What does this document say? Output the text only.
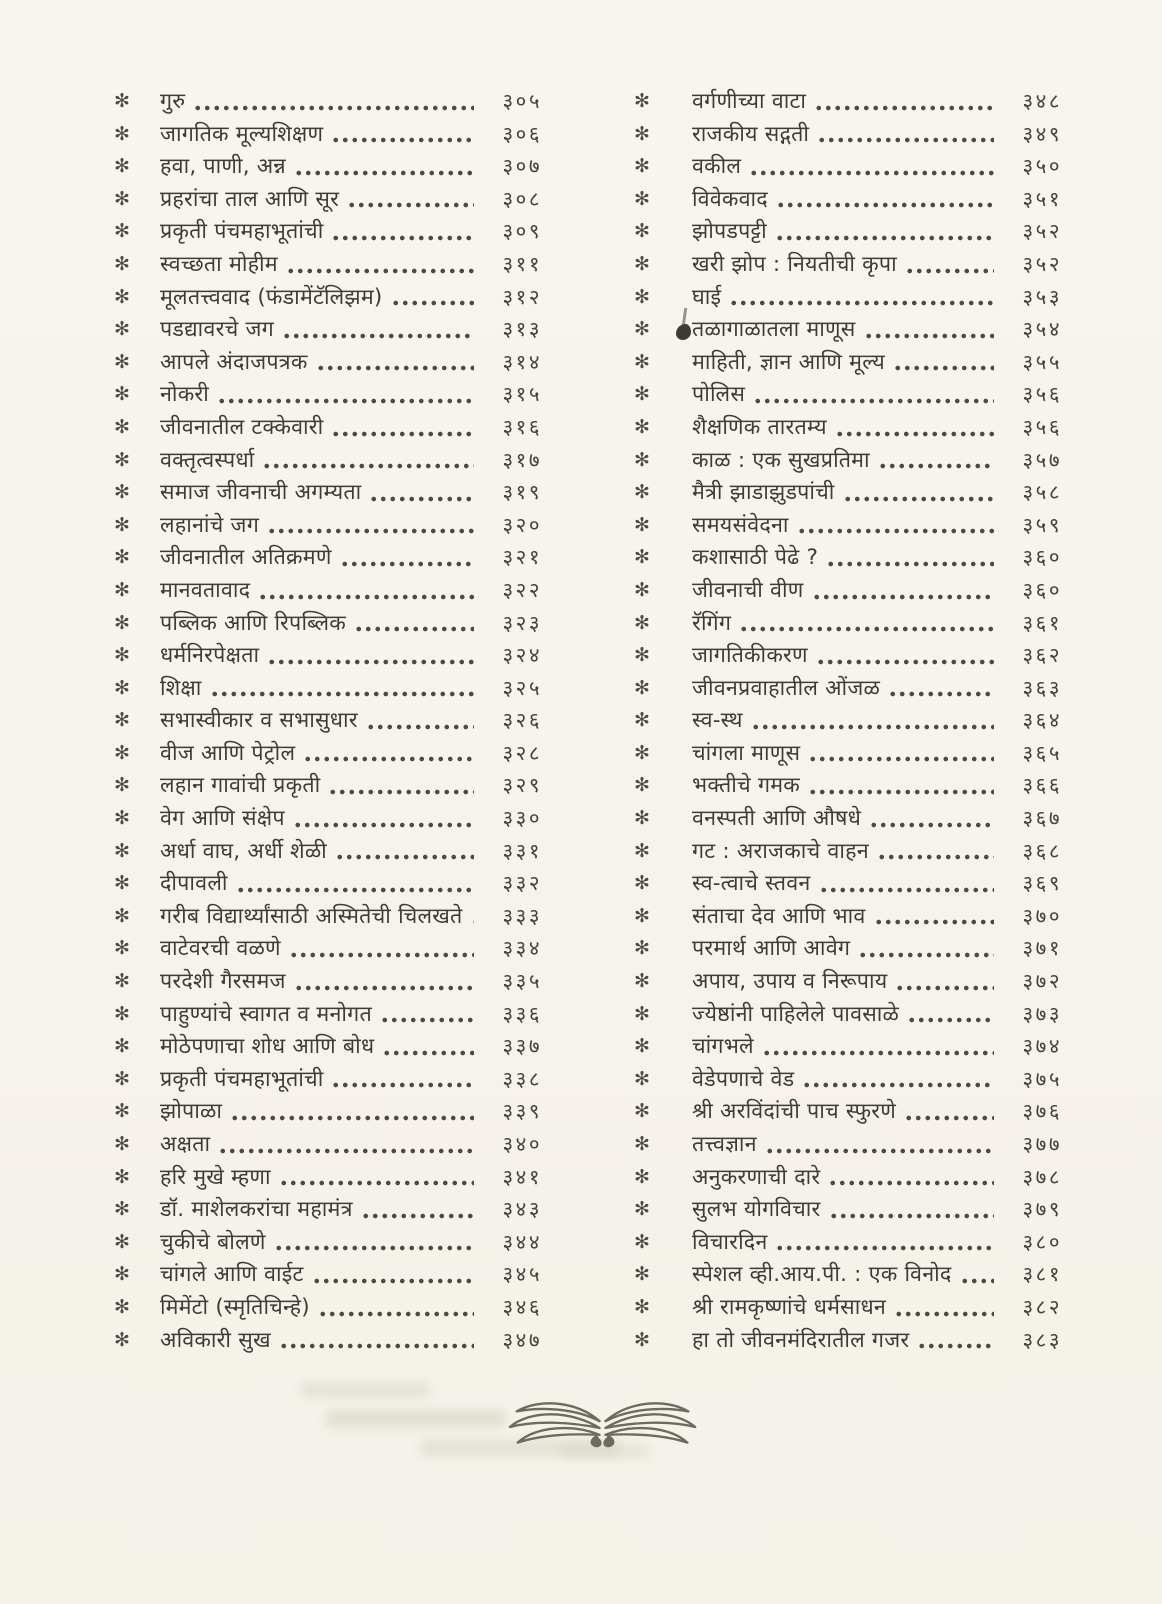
✻	गुरु	३०५
✻	जागतिक मूल्यशिक्षण	३०६
✻	हवा, पाणी, अन्न	३०७
✻	प्रहरांचा ताल आणि सूर	३०८
✻	प्रकृती पंचमहाभूतांची	३०९
✻	स्वच्छता मोहीम	३११
✻	मूलतत्त्ववाद (फंडामेंटॅलिझम)	३१२
✻	पडद्यावरचे जग	३१३
✻	आपले अंदाजपत्रक	३१४
✻	नोकरी	३१५
✻	जीवनातील टक्केवारी	३१६
✻	वक्तृत्वस्पर्धा	३१७
✻	समाज जीवनाची अगम्यता	३१९
✻	लहानांचे जग	३२०
✻	जीवनातील अतिक्रमणे	३२१
✻	मानवतावाद	३२२
✻	पब्लिक आणि रिपब्लिक	३२३
✻	धर्मनिरपेक्षता	३२४
✻	शिक्षा	३२५
✻	सभास्वीकार व सभासुधार	३२६
✻	वीज आणि पेट्रोल	३२८
✻	लहान गावांची प्रकृती	३२९
✻	वेग आणि संक्षेप	३३०
✻	अर्धा वाघ, अर्धी शेळी	३३१
✻	दीपावली	३३२
✻	गरीब विद्यार्थ्यांसाठी अस्मितेची चिलखते	३३३
✻	वाटेवरची वळणे	३३४
✻	परदेशी गैरसमज	३३५
✻	पाहुण्यांचे स्वागत व मनोगत	३३६
✻	मोठेपणाचा शोध आणि बोध	३३७
✻	प्रकृती पंचमहाभूतांची	३३८
✻	झोपाळा	३३९
✻	अक्षता	३४०
✻	हरि मुखे म्हणा	३४१
✻	डॉ. माशेलकरांचा महामंत्र	३४३
✻	चुकीचे बोलणे	३४४
✻	चांगले आणि वाईट	३४५
✻	मिमेंटो (स्मृतिचिन्हे)	३४६
✻	अविकारी सुख	३४७
✻	वर्गणीच्या वाटा	३४८
✻	राजकीय सद्गती	३४९
✻	वकील	३५०
✻	विवेकवाद	३५१
✻	झोपडपट्टी	३५२
✻	खरी झोप : नियतीची कृपा	३५२
✻	घाई	३५३
✻	तळागाळातला माणूस	३५४
✻	माहिती, ज्ञान आणि मूल्य	३५५
✻	पोलिस	३५६
✻	शैक्षणिक तारतम्य	३५६
✻	काळ : एक सुखप्रतिमा	३५७
✻	मैत्री झाडाझुडपांची	३५८
✻	समयसंवेदना	३५९
✻	कशासाठी पेढे ?	३६०
✻	जीवनाची वीण	३६०
✻	रॅगिंग	३६१
✻	जागतिकीकरण	३६२
✻	जीवनप्रवाहातील ओंजळ	३६३
✻	स्व-स्थ	३६४
✻	चांगला माणूस	३६५
✻	भक्तीचे गमक	३६६
✻	वनस्पती आणि औषधे	३६७
✻	गट : अराजकाचे वाहन	३६८
✻	स्व-त्वाचे स्तवन	३६९
✻	संताचा देव आणि भाव	३७०
✻	परमार्थ आणि आवेग	३७१
✻	अपाय, उपाय व निरूपाय	३७२
✻	ज्येष्ठांनी पाहिलेले पावसाळे	३७३
✻	चांगभले	३७४
✻	वेडेपणाचे वेड	३७५
✻	श्री अरविंदांची पाच स्फुरणे	३७६
✻	तत्त्वज्ञान	३७७
✻	अनुकरणाची दारे	३७८
✻	सुलभ योगविचार	३७९
✻	विचारदिन	३८०
✻	स्पेशल व्ही.आय.पी. : एक विनोद	३८१
✻	श्री रामकृष्णांचे धर्मसाधन	३८२
✻	हा तो जीवनमंदिरातील गजर	३८३
